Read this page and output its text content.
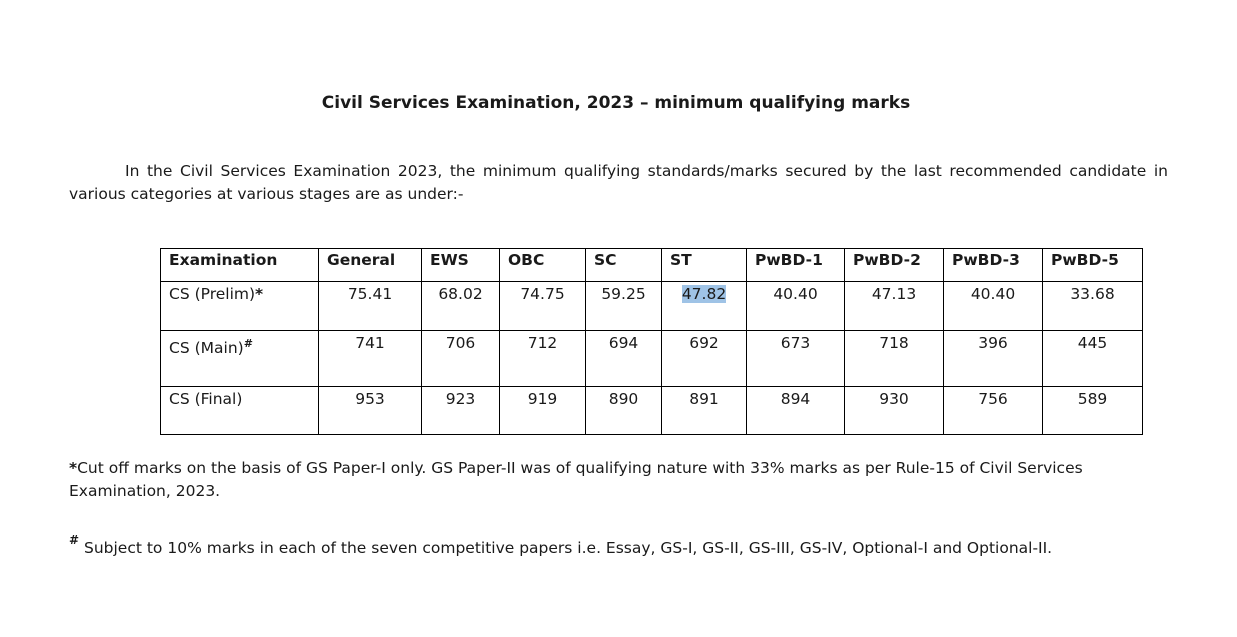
Civil Services Examination, 2023 – minimum qualifying marks

In the Civil Services Examination 2023, the minimum qualifying standards/marks secured by the last recommended candidate in various categories at various stages are as under:-

Examination	General	EWS	OBC	SC	ST	PwBD-1	PwBD-2	PwBD-3	PwBD-5
CS (Prelim)*	75.41	68.02	74.75	59.25	47.82	40.40	47.13	40.40	33.68
CS (Main)#	741	706	712	694	692	673	718	396	445
CS (Final)	953	923	919	890	891	894	930	756	589

*Cut off marks on the basis of GS Paper-I only. GS Paper-II was of qualifying nature with 33% marks as per Rule-15 of Civil Services Examination, 2023.

# Subject to 10% marks in each of the seven competitive papers i.e. Essay, GS-I, GS-II, GS-III, GS-IV, Optional-I and Optional-II.
